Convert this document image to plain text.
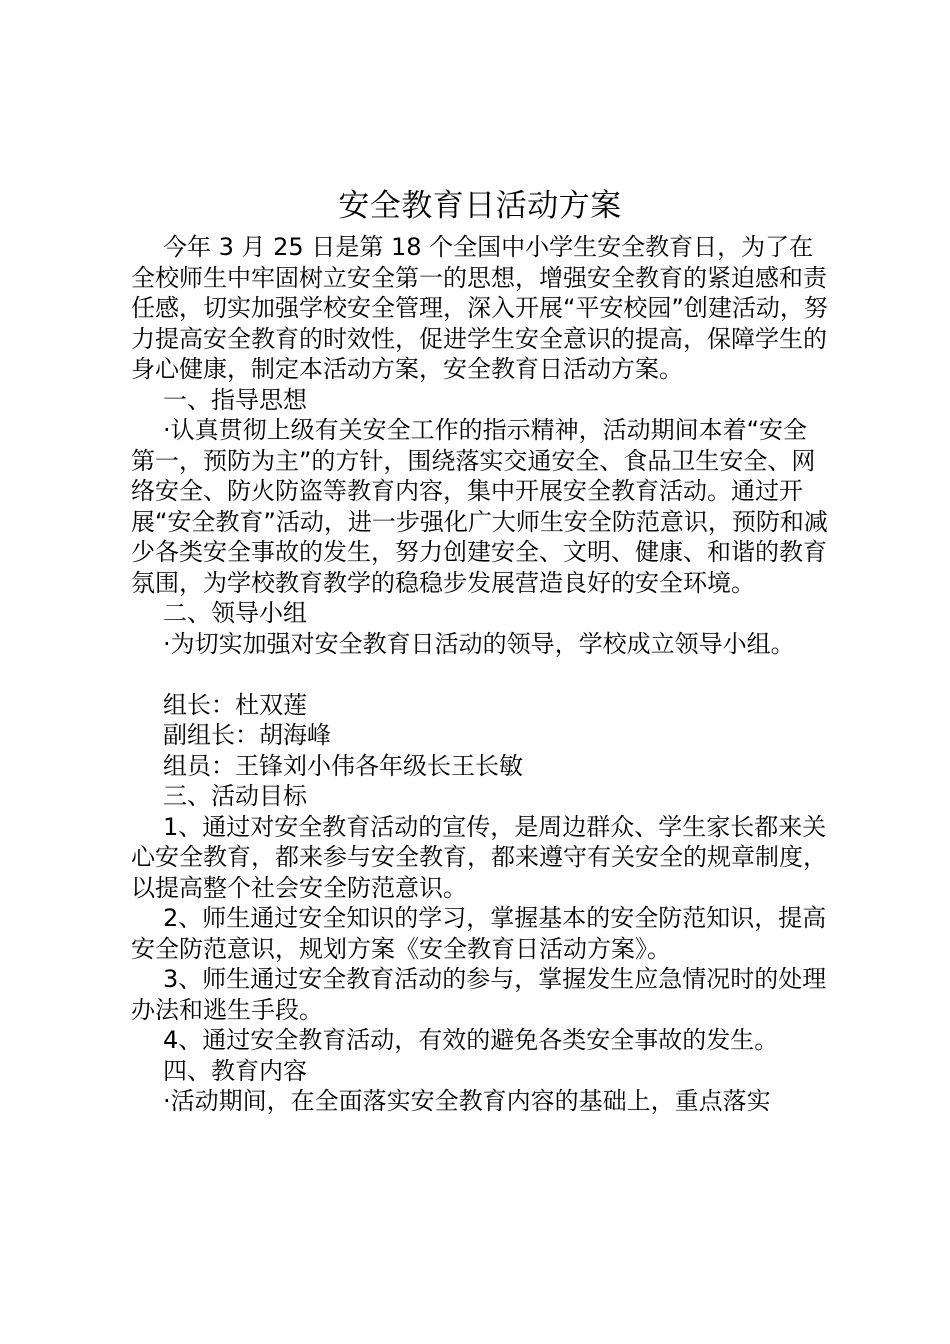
安全教育日活动方案

今年 3 月 25 日是第 18 个全国中小学生安全教育日，为了在全校师生中牢固树立安全第一的思想，增强安全教育的紧迫感和责任感，切实加强学校安全管理，深入开展“平安校园”创建活动，努力提高安全教育的时效性，促进学生安全意识的提高，保障学生的身心健康，制定本活动方案，安全教育日活动方案。

一、指导思想

·认真贯彻上级有关安全工作的指示精神，活动期间本着“安全第一，预防为主”的方针，围绕落实交通安全、食品卫生安全、网络安全、防火防盗等教育内容，集中开展安全教育活动。通过开展“安全教育”活动，进一步强化广大师生安全防范意识，预防和减少各类安全事故的发生，努力创建安全、文明、健康、和谐的教育氛围，为学校教育教学的稳稳步发展营造良好的安全环境。

二、领导小组

·为切实加强对安全教育日活动的领导，学校成立领导小组。

组长：杜双莲

副组长：胡海峰

组员：王锋刘小伟各年级长王长敏

三、活动目标

1、通过对安全教育活动的宣传，是周边群众、学生家长都来关心安全教育，都来参与安全教育，都来遵守有关安全的规章制度，以提高整个社会安全防范意识。

2、师生通过安全知识的学习，掌握基本的安全防范知识，提高安全防范意识，规划方案《安全教育日活动方案》。

3、师生通过安全教育活动的参与，掌握发生应急情况时的处理办法和逃生手段。

4、通过安全教育活动，有效的避免各类安全事故的发生。

四、教育内容

·活动期间，在全面落实安全教育内容的基础上，重点落实
